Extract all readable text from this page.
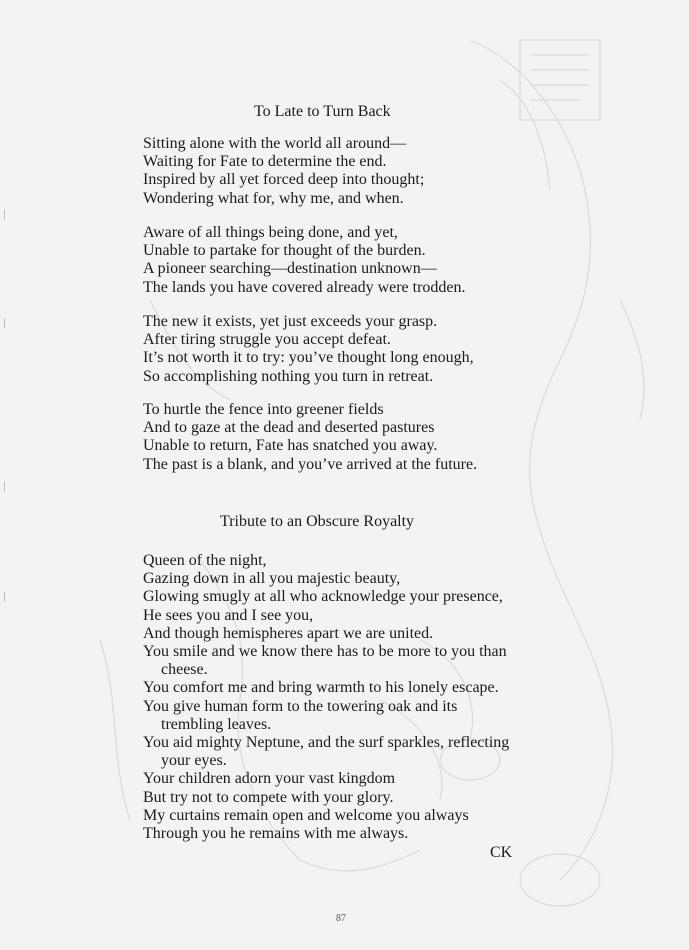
To Late to Turn Back
Sitting alone with the world all around—
Waiting for Fate to determine the end.
Inspired by all yet forced deep into thought;
Wondering what for, why me, and when.
Aware of all things being done, and yet,
Unable to partake for thought of the burden.
A pioneer searching—destination unknown—
The lands you have covered already were trodden.
The new it exists, yet just exceeds your grasp.
After tiring struggle you accept defeat.
It’s not worth it to try: you’ve thought long enough,
So accomplishing nothing you turn in retreat.
To hurtle the fence into greener fields
And to gaze at the dead and deserted pastures
Unable to return, Fate has snatched you away.
The past is a blank, and you’ve arrived at the future.
Tribute to an Obscure Royalty
Queen of the night,
Gazing down in all you majestic beauty,
Glowing smugly at all who acknowledge your presence,
He sees you and I see you,
And though hemispheres apart we are united.
You smile and we know there has to be more to you than
cheese.
You comfort me and bring warmth to his lonely escape.
You give human form to the towering oak and its
trembling leaves.
You aid mighty Neptune, and the surf sparkles, reflecting
your eyes.
Your children adorn your vast kingdom
But try not to compete with your glory.
My curtains remain open and welcome you always
Through you he remains with me always.

CK

87
